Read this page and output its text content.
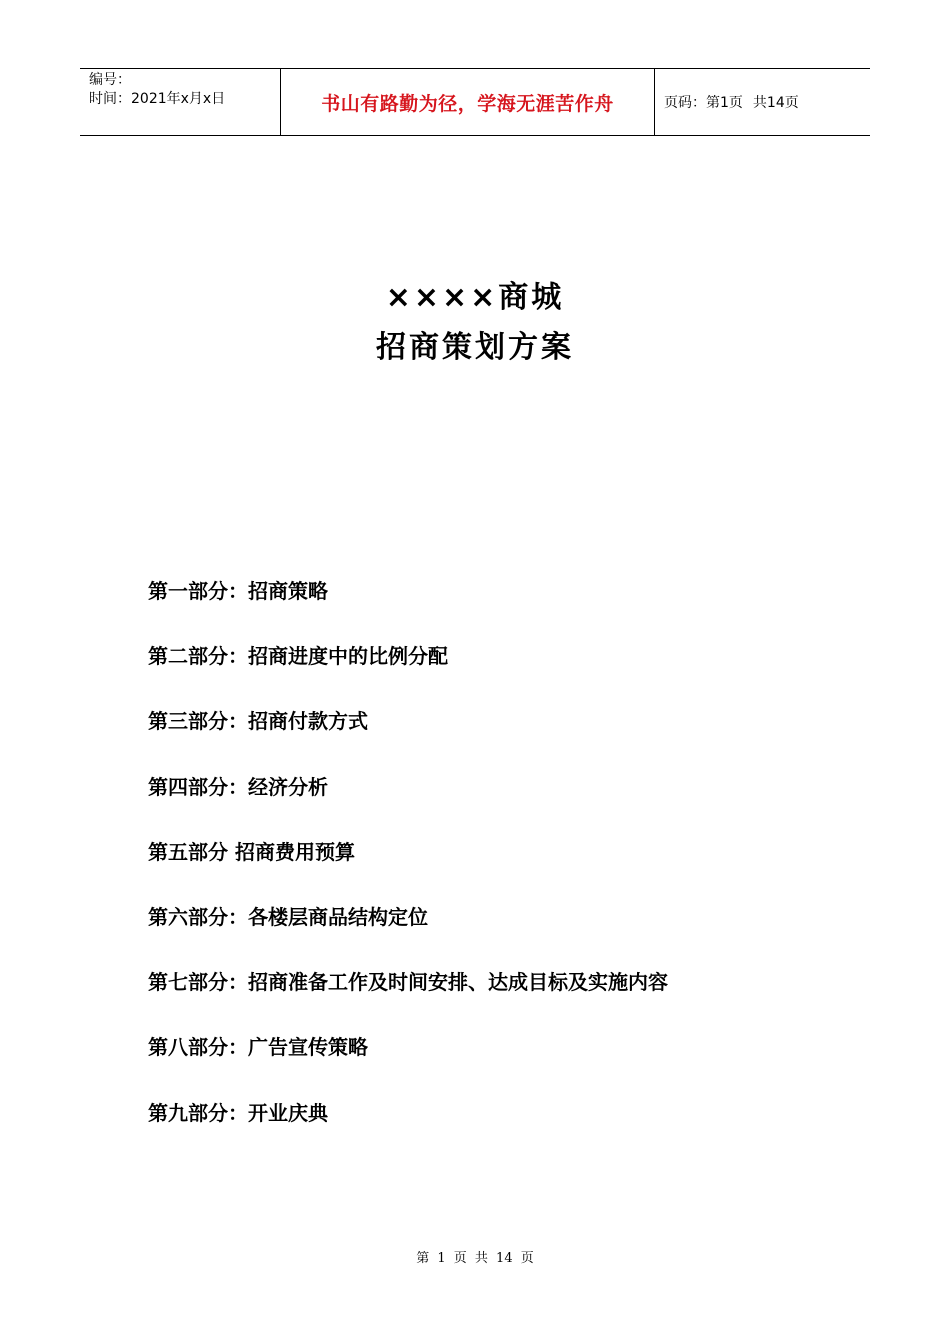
编号：
时间：2021年x月x日	书山有路勤为径，学海无涯苦作舟	页码：第1页 共14页
××××商城
招商策划方案
第一部分：招商策略
第二部分：招商进度中的比例分配
第三部分：招商付款方式
第四部分：经济分析
第五部分 招商费用预算
第六部分：各楼层商品结构定位
第七部分：招商准备工作及时间安排、达成目标及实施内容
第八部分：广告宣传策略
第九部分：开业庆典
第 1 页 共 14 页
